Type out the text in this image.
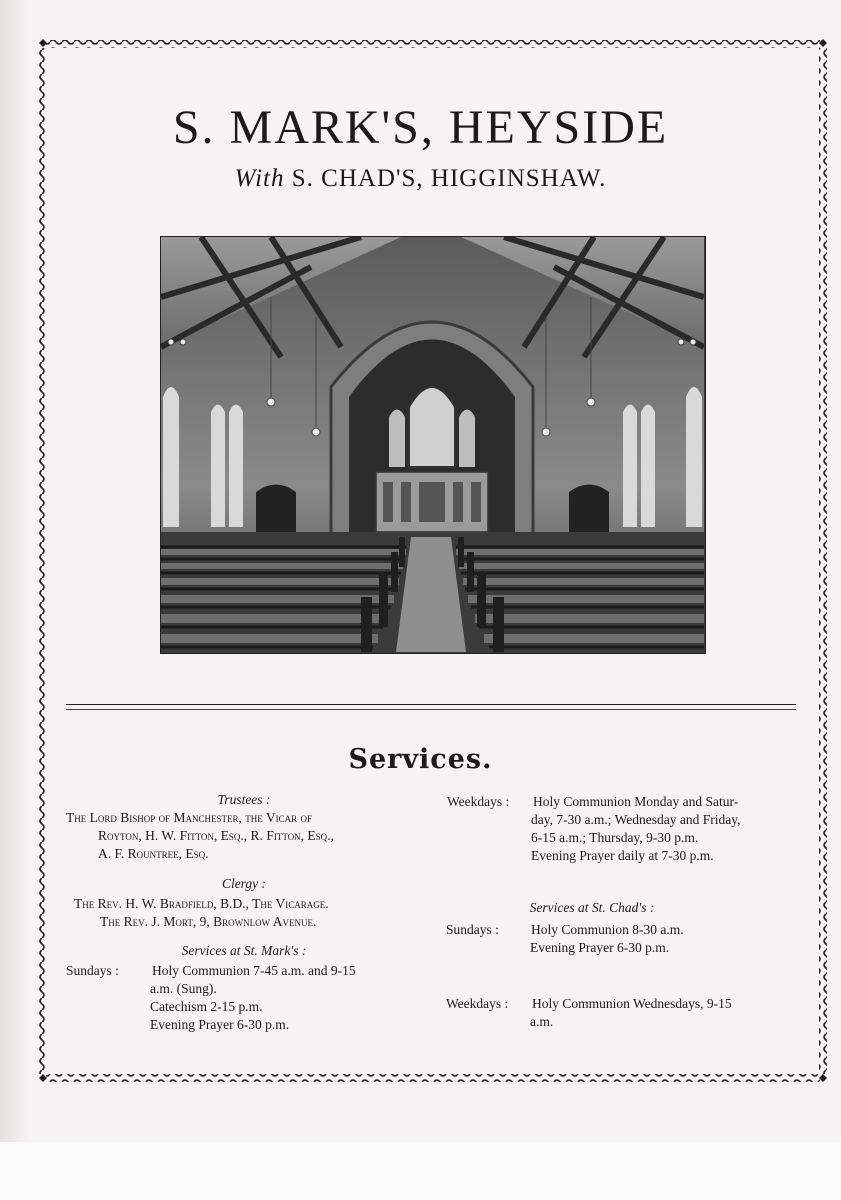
S. MARK'S, HEYSIDE
With S. CHAD'S, HIGGINSHAW.
Services.
Trustees :
The Lord Bishop of Manchester, the Vicar of
Royton, H. W. Fitton, Esq., R. Fitton, Esq.,
A. F. Rountree, Esq.
Clergy :
The Rev. H. W. Bradfield, B.D., The Vicarage.
The Rev. J. Mort, 9, Brownlow Avenue.
Services at St. Mark's :
Sundays :	Holy Communion 7-45 a.m. and 9-15
a.m. (Sung).
Catechism 2-15 p.m.
Evening Prayer 6-30 p.m.
Weekdays :	Holy Communion Monday and Satur-
day, 7-30 a.m.; Wednesday and Friday,
6-15 a.m.; Thursday, 9-30 p.m.
Evening Prayer daily at 7-30 p.m.
Services at St. Chad's :
Sundays :	Holy Communion 8-30 a.m.
Evening Prayer 6-30 p.m.
Weekdays :	Holy Communion Wednesdays, 9-15
a.m.
